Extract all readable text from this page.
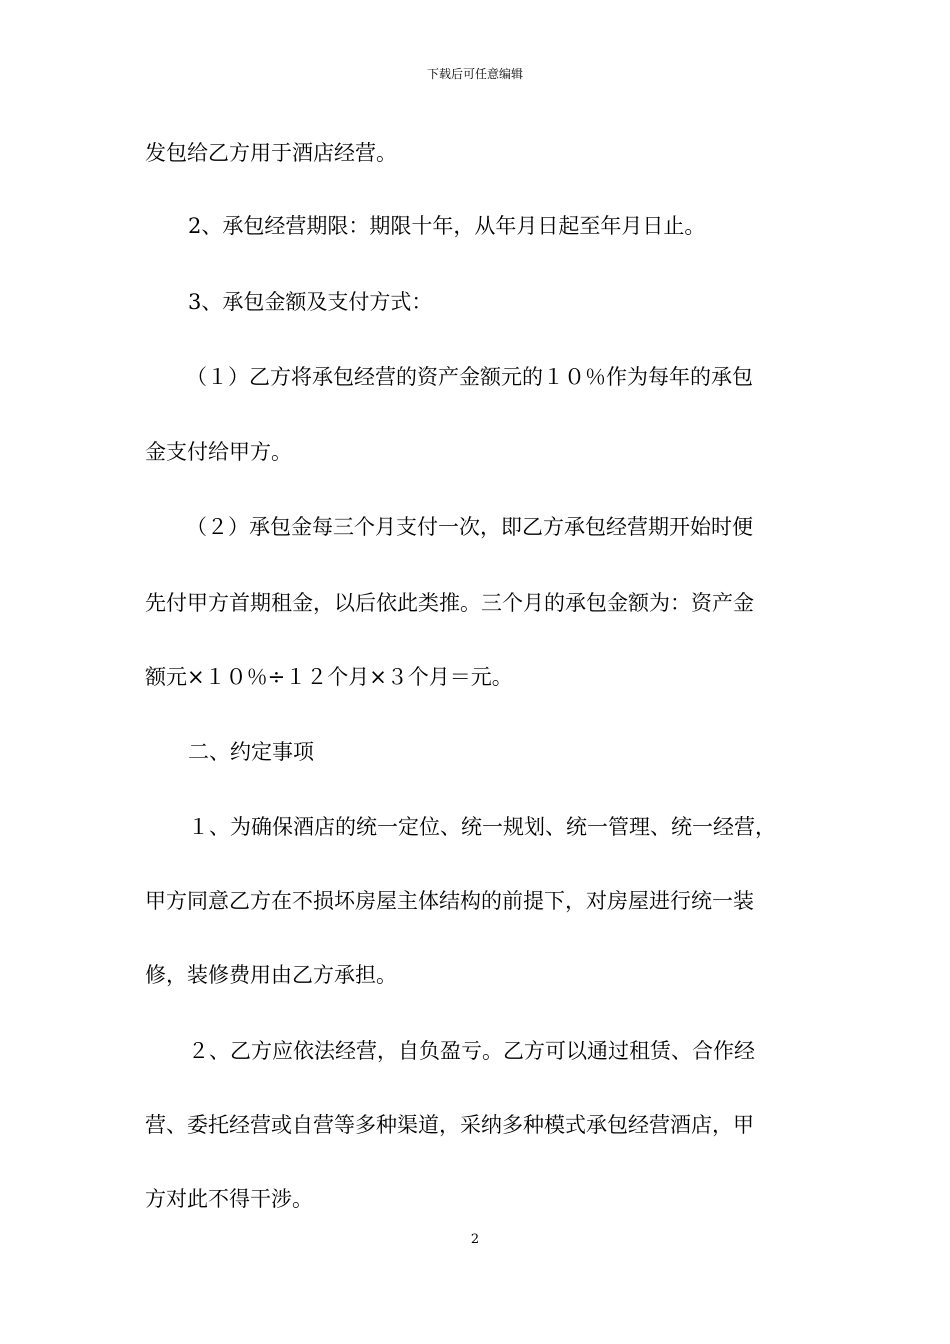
下载后可任意编辑
发包给乙方用于酒店经营。
2、承包经营期限：期限十年，从年月日起至年月日止。
3、承包金额及支付方式：
（１）乙方将承包经营的资产金额元的１０％作为每年的承包
金支付给甲方。
（２）承包金每三个月支付一次，即乙方承包经营期开始时便
先付甲方首期租金，以后依此类推。三个月的承包金额为：资产金
额元×１０％÷１２个月×３个月＝元。
二、约定事项
１、为确保酒店的统一定位、统一规划、统一管理、统一经营，
甲方同意乙方在不损坏房屋主体结构的前提下，对房屋进行统一装
修，装修费用由乙方承担。
２、乙方应依法经营，自负盈亏。乙方可以通过租赁、合作经
营、委托经营或自营等多种渠道，采纳多种模式承包经营酒店，甲
方对此不得干涉。
2
